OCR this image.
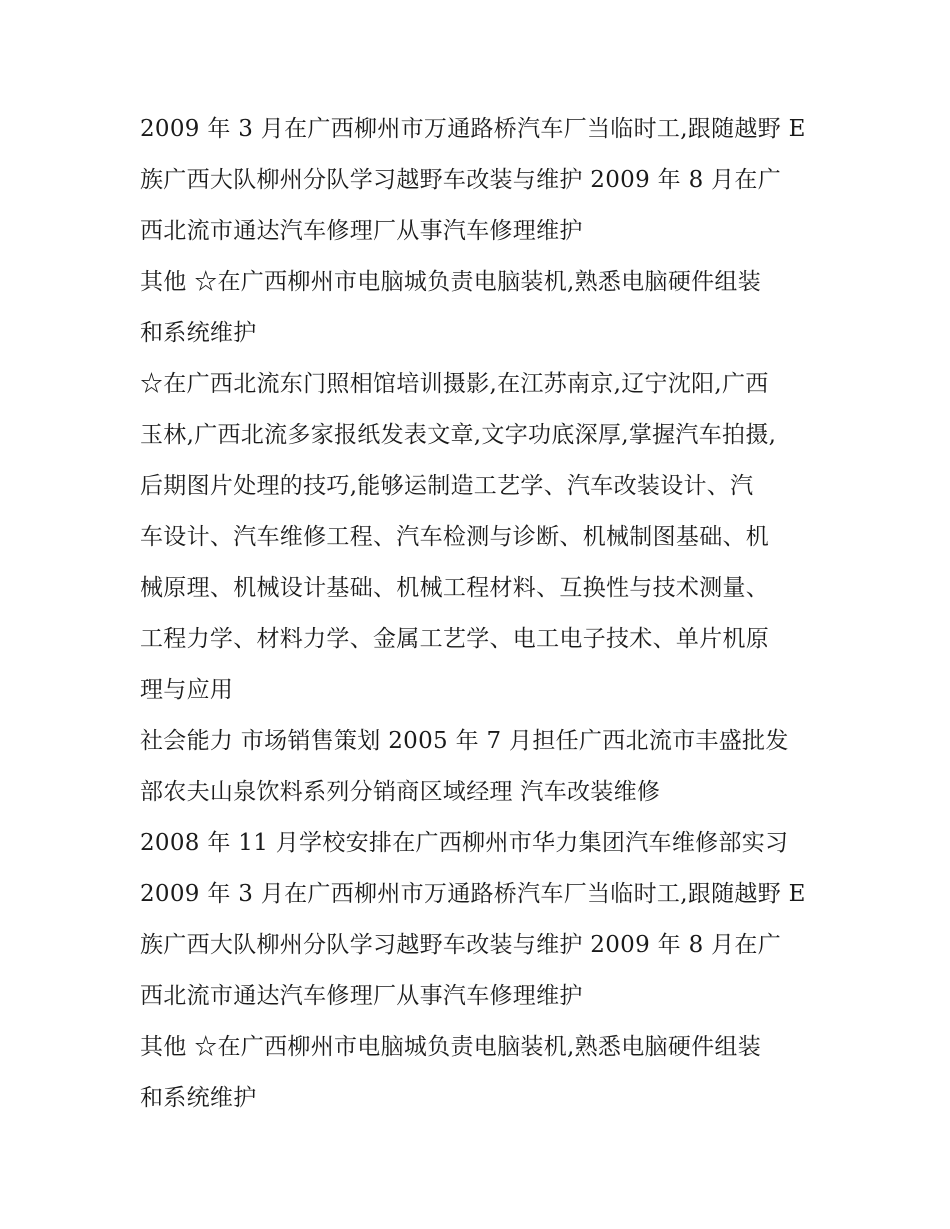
2009 年 3 月在广西柳州市万通路桥汽车厂当临时工,跟随越野 E
族广西大队柳州分队学习越野车改装与维护 2009 年 8 月在广
西北流市通达汽车修理厂从事汽车修理维护
其他 ☆在广西柳州市电脑城负责电脑装机,熟悉电脑硬件组装
和系统维护
☆在广西北流东门照相馆培训摄影,在江苏南京,辽宁沈阳,广西
玉林,广西北流多家报纸发表文章,文字功底深厚,掌握汽车拍摄,
后期图片处理的技巧,能够运制造工艺学、汽车改装设计、汽
车设计、汽车维修工程、汽车检测与诊断、机械制图基础、机
械原理、机械设计基础、机械工程材料、互换性与技术测量、
工程力学、材料力学、金属工艺学、电工电子技术、单片机原
理与应用
社会能力 市场销售策划 2005 年 7 月担任广西北流市丰盛批发
部农夫山泉饮料系列分销商区域经理 汽车改装维修
2008 年 11 月学校安排在广西柳州市华力集团汽车维修部实习
2009 年 3 月在广西柳州市万通路桥汽车厂当临时工,跟随越野 E
族广西大队柳州分队学习越野车改装与维护 2009 年 8 月在广
西北流市通达汽车修理厂从事汽车修理维护
其他 ☆在广西柳州市电脑城负责电脑装机,熟悉电脑硬件组装
和系统维护
